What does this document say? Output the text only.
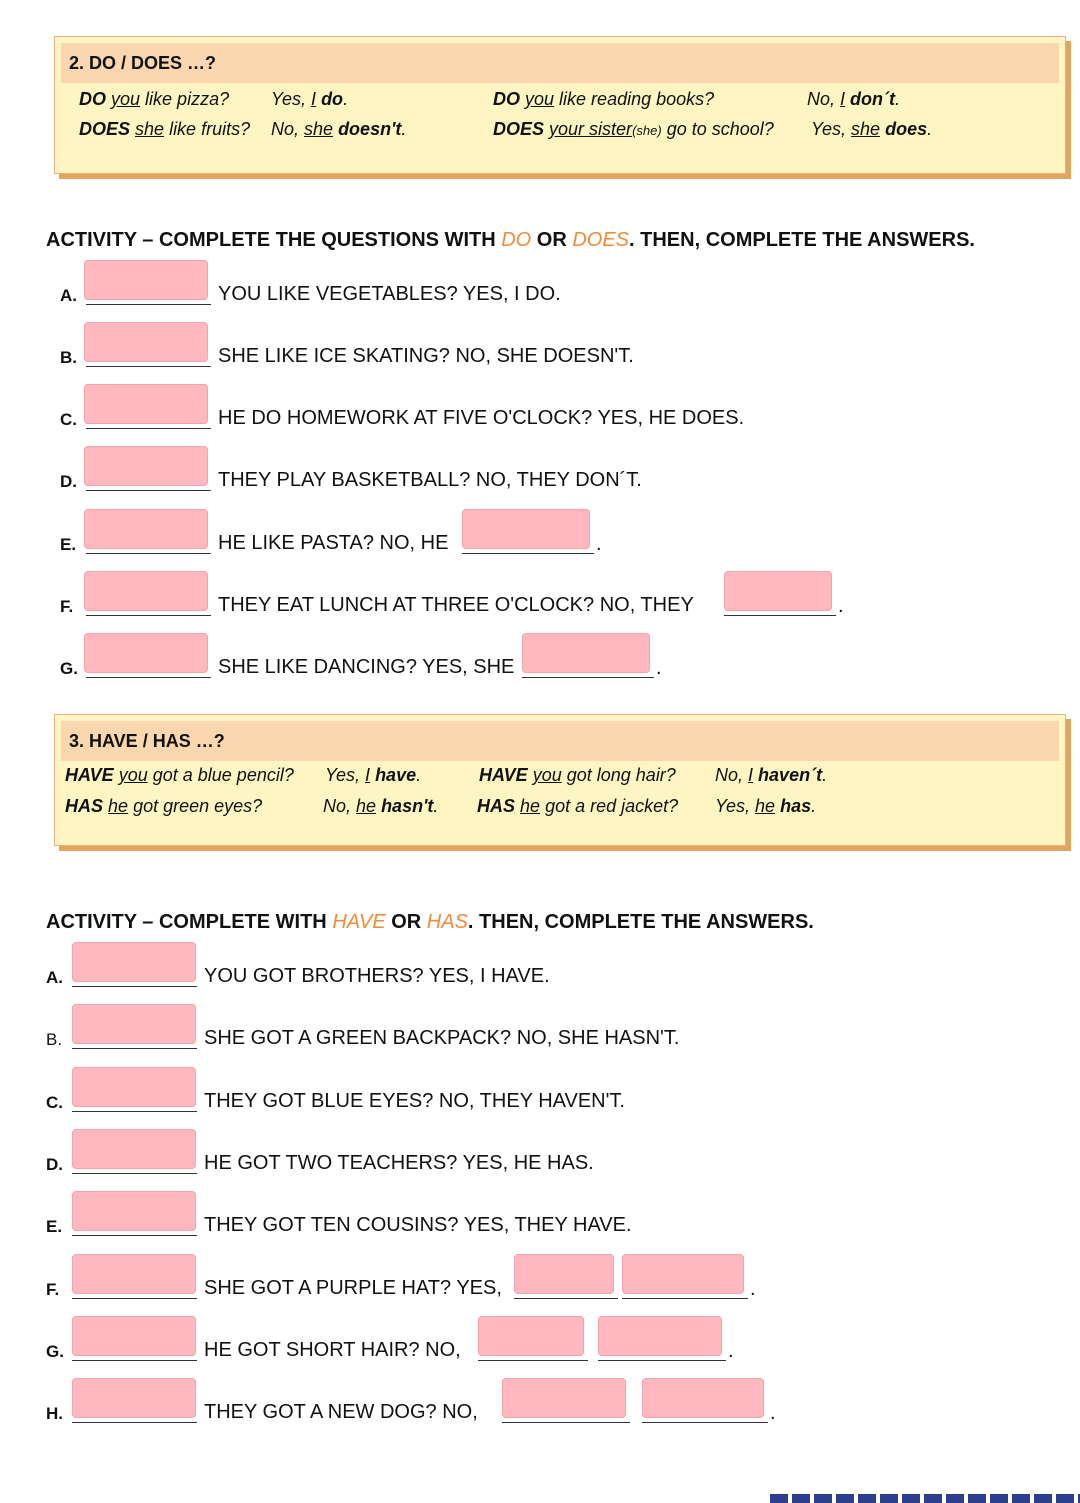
2. DO / DOES …?
DO you like pizza? Yes, I do.	DO you like reading books?	No, I don´t.
DOES she like fruits? No, she doesn't.	DOES your sister(she) go to school? Yes, she does.
ACTIVITY – COMPLETE THE QUESTIONS WITH DO OR DOES. THEN, COMPLETE THE ANSWERS.
A.	YOU LIKE VEGETABLES? YES, I DO.
B.	SHE LIKE ICE SKATING? NO, SHE DOESN'T.
C.	HE DO HOMEWORK AT FIVE O'CLOCK? YES, HE DOES.
D.	THEY PLAY BASKETBALL? NO, THEY DON´T.
E.	HE LIKE PASTA? NO, HE	.
F.	THEY EAT LUNCH AT THREE O'CLOCK? NO, THEY	.
G.	SHE LIKE DANCING? YES, SHE	.
3. HAVE / HAS …?
HAVE you got a blue pencil? Yes, I have.	HAVE you got long hair? No, I haven´t.
HAS he got green eyes?	No, he hasn't. HAS he got a red jacket? Yes, he has.
ACTIVITY – COMPLETE WITH HAVE OR HAS. THEN, COMPLETE THE ANSWERS.
A.	YOU GOT BROTHERS? YES, I HAVE.
B.	SHE GOT A GREEN BACKPACK? NO, SHE HASN'T.
C.	THEY GOT BLUE EYES? NO, THEY HAVEN'T.
D.	HE GOT TWO TEACHERS? YES, HE HAS.
E.	THEY GOT TEN COUSINS? YES, THEY HAVE.
F.	SHE GOT A PURPLE HAT? YES,	.
G.	HE GOT SHORT HAIR? NO,	.
H.	THEY GOT A NEW DOG? NO,	.
